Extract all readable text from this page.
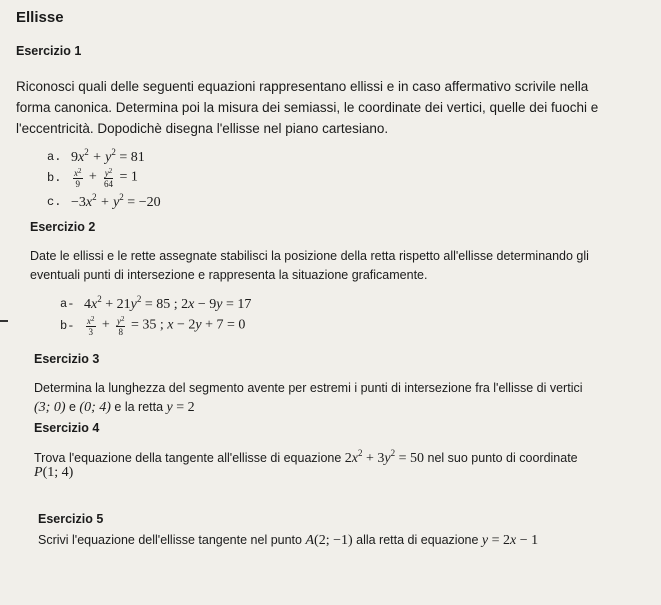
Ellisse
Esercizio 1
Riconosci quali delle seguenti equazioni rappresentano ellissi e in caso affermativo scrivile nella
forma canonica. Determina poi la misura dei semiassi, le coordinate dei vertici, quelle dei fuochi e
l'eccentricità. Dopodichè disegna l'ellisse nel piano cartesiano.
a. $9x^2 + y^2 = 81$
b.	$\frac{x^2}{9} + \frac{y^2}{64} = 1$
c. $-3x^2 + y^2 = -20$
Esercizio 2
Date le ellissi e le rette assegnate stabilisci la posizione della retta rispetto all'ellisse determinando gli
eventuali punti di intersezione e rappresenta la situazione graficamente.
a- $4x^2 + 21y^2 = 85$ ; 2x − 9y = 17
b-	$\frac{x^2}{3} + \frac{y^2}{8} = 35$ ; x − 2y + 7 = 0
Esercizio 3
Determina la lunghezza del segmento avente per estremi i punti di intersezione fra l'ellisse di vertici
(3; 0) e (0; 4) e la retta y = 2
Esercizio 4
Trova l'equazione della tangente all'ellisse di equazione $2x^2 + 3y^2 = 50$ nel suo punto di coordinate
P(1; 4)
Esercizio 5
Scrivi l'equazione dell'ellisse tangente nel punto A(2; −1) alla retta di equazione y = 2x − 1
